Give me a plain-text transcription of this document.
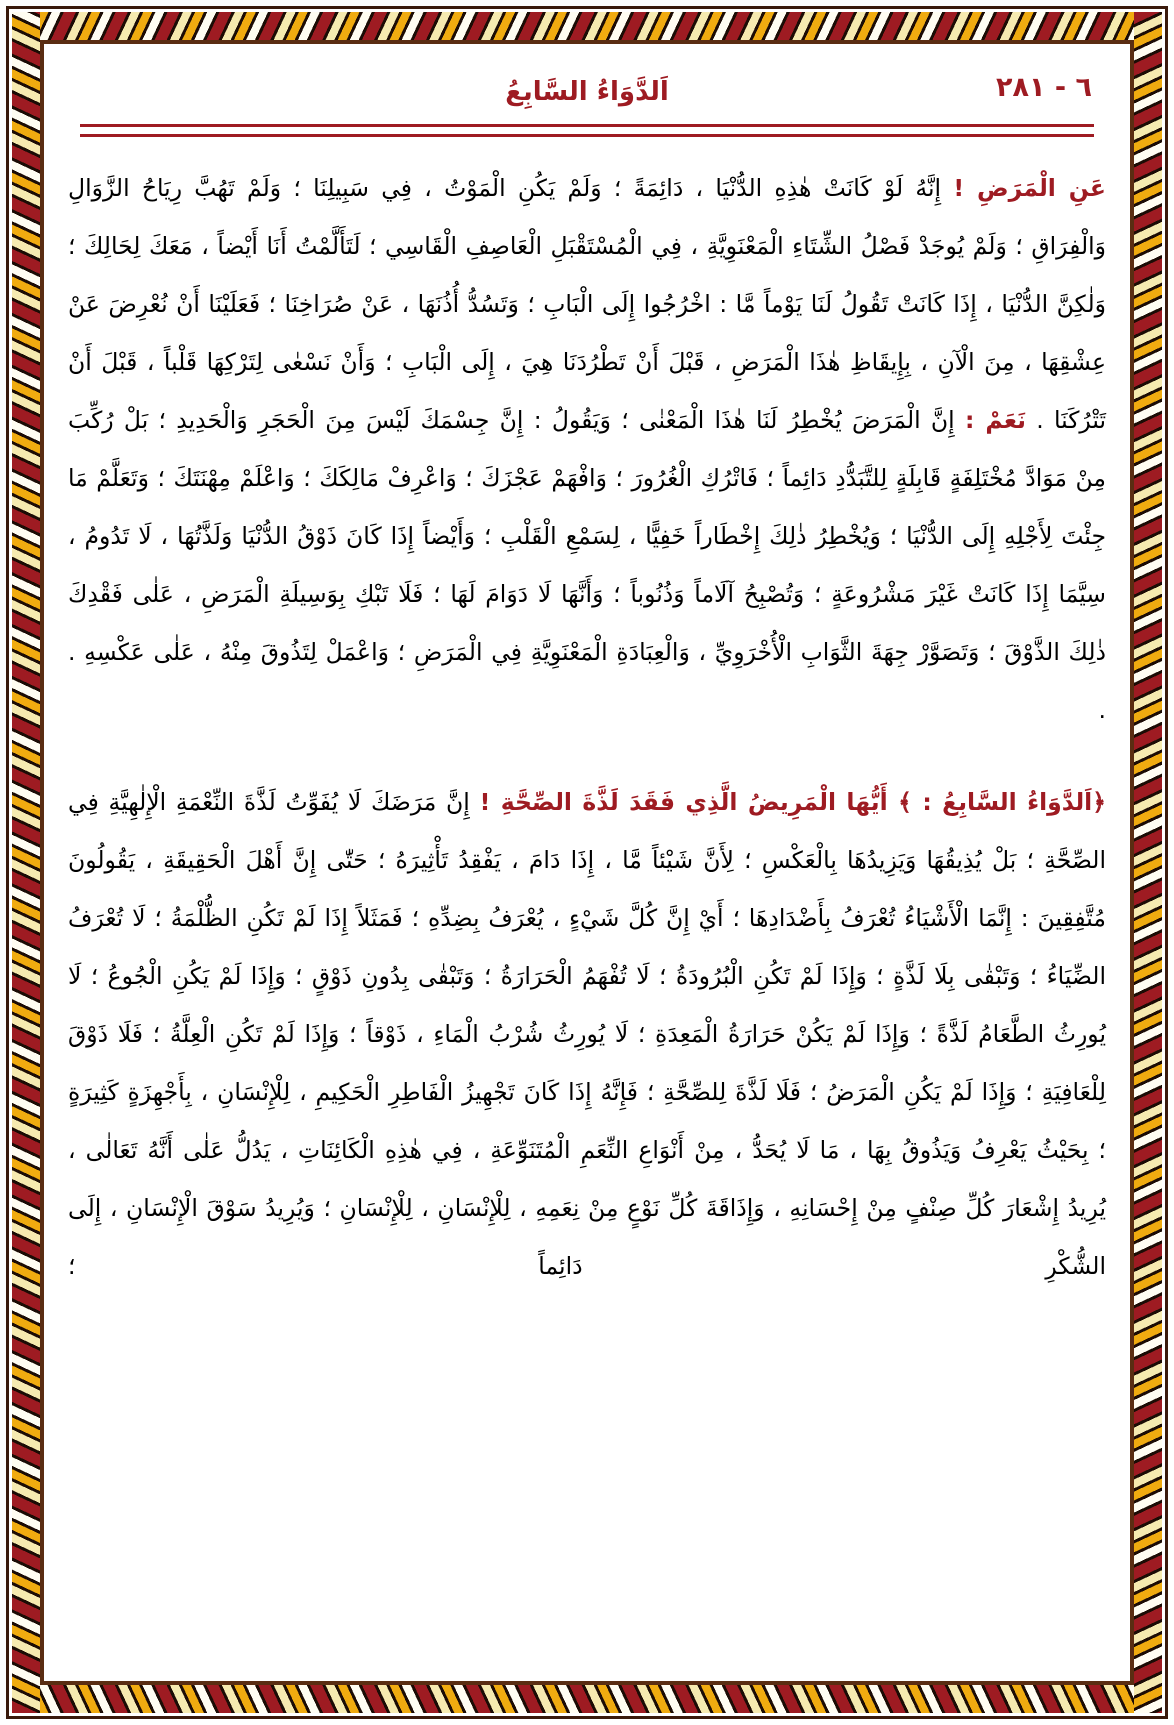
٦ - ٢٨١
اَلدَّوَاءُ السَّابِعُ
عَنِ الْمَرَضِ ! إِنَّهُ لَوْ كَانَتْ هٰذِهِ الدُّنْيَا ، دَائِمَةً ؛ وَلَمْ يَكُنِ الْمَوْتُ ، فِي سَبِيلِنَا ؛ وَلَمْ تَهُبَّ رِيَاحُ الزَّوَالِ وَالْفِرَاقِ ؛ وَلَمْ يُوجَدْ فَصْلُ الشِّتَاءِ الْمَعْنَوِيَّةِ ، فِي الْمُسْتَقْبَلِ الْعَاصِفِ الْقَاسِي ؛ لَتَأَلَّمْتُ أَنَا أَيْضاً ، مَعَكَ لِحَالِكَ ؛ وَلٰكِنَّ الدُّنْيَا ، إِذَا كَانَتْ تَقُولُ لَنَا يَوْماً مَّا : اخْرُجُوا إِلَى الْبَابِ ؛ وَتَسُدُّ أُذُنَهَا ، عَنْ صُرَاخِنَا ؛ فَعَلَيْنَا أَنْ نُعْرِضَ عَنْ عِشْقِهَا ، مِنَ الْآنِ ، بِإِيقَاظِ هٰذَا الْمَرَضِ ، قَبْلَ أَنْ تَطْرُدَنَا هِيَ ، إِلَى الْبَابِ ؛ وَأَنْ نَسْعٰى لِتَرْكِهَا قَلْباً ، قَبْلَ أَنْ تَتْرُكَنَا . نَعَمْ : إِنَّ الْمَرَضَ يُخْطِرُ لَنَا هٰذَا الْمَعْنٰى ؛ وَيَقُولُ : إِنَّ جِسْمَكَ لَيْسَ مِنَ الْحَجَرِ وَالْحَدِيدِ ؛ بَلْ رُكِّبَ مِنْ مَوَادَّ مُخْتَلِفَةٍ قَابِلَةٍ لِلتَّبَدُّدِ دَائِماً ؛ فَاتْرُكِ الْغُرُورَ ؛ وَافْهَمْ عَجْزَكَ ؛ وَاعْرِفْ مَالِكَكَ ؛ وَاعْلَمْ مِهْنَتَكَ ؛ وَتَعَلَّمْ مَا جِئْتَ لِأَجْلِهِ إِلَى الدُّنْيَا ؛ وَيُخْطِرُ ذٰلِكَ إِخْطَاراً خَفِيًّا ، لِسَمْعِ الْقَلْبِ ؛ وَأَيْضاً إِذَا كَانَ ذَوْقُ الدُّنْيَا وَلَذَّتُهَا ، لَا تَدُومُ ، سِيَّمَا إِذَا كَانَتْ غَيْرَ مَشْرُوعَةٍ ؛ وَتُصْبِحُ آلَاماً وَذُنُوباً ؛ وَأَنَّهَا لَا دَوَامَ لَهَا ؛ فَلَا تَبْكِ بِوَسِيلَةِ الْمَرَضِ ، عَلٰى فَقْدِكَ ذٰلِكَ الذَّوْقَ ؛ وَتَصَوَّرْ جِهَةَ الثَّوَابِ الْأُخْرَوِيِّ ، وَالْعِبَادَةِ الْمَعْنَوِيَّةِ فِي الْمَرَضِ ؛ وَاعْمَلْ لِتَذُوقَ مِنْهُ ، عَلٰى عَكْسِهِ . .
﴿اَلدَّوَاءُ السَّابِعُ : ﴾ أَيُّهَا الْمَرِيضُ الَّذِي فَقَدَ لَذَّةَ الصِّحَّةِ ! إِنَّ مَرَضَكَ لَا يُفَوِّتُ لَذَّةَ النِّعْمَةِ الْإِلٰهِيَّةِ فِي الصِّحَّةِ ؛ بَلْ يُذِيقُهَا وَيَزِيدُهَا بِالْعَكْسِ ؛ لِأَنَّ شَيْئاً مَّا ، إِذَا دَامَ ، يَفْقِدُ تَأْثِيرَهُ ؛ حَتّٰى إِنَّ أَهْلَ الْحَقِيقَةِ ، يَقُولُونَ مُتَّفِقِينَ : إِنَّمَا الْأَشْيَاءُ تُعْرَفُ بِأَضْدَادِهَا ؛ أَيْ إِنَّ كُلَّ شَيْءٍ ، يُعْرَفُ بِضِدِّهِ ؛ فَمَثَلاً إِذَا لَمْ تَكُنِ الظُّلْمَةُ ؛ لَا تُعْرَفُ الضِّيَاءُ ؛ وَتَبْقٰى بِلَا لَذَّةٍ ؛ وَإِذَا لَمْ تَكُنِ الْبُرُودَةُ ؛ لَا تُفْهَمُ الْحَرَارَةُ ؛ وَتَبْقٰى بِدُونِ ذَوْقٍ ؛ وَإِذَا لَمْ يَكُنِ الْجُوعُ ؛ لَا يُورِثُ الطَّعَامُ لَذَّةً ؛ وَإِذَا لَمْ يَكُنْ حَرَارَةُ الْمَعِدَةِ ؛ لَا يُورِثُ شُرْبُ الْمَاءِ ، ذَوْقاً ؛ وَإِذَا لَمْ تَكُنِ الْعِلَّةُ ؛ فَلَا ذَوْقَ لِلْعَافِيَةِ ؛ وَإِذَا لَمْ يَكُنِ الْمَرَضُ ؛ فَلَا لَذَّةَ لِلصِّحَّةِ ؛ فَإِنَّهُ إِذَا كَانَ تَجْهِيزُ الْفَاطِرِ الْحَكِيمِ ، لِلْإِنْسَانِ ، بِأَجْهِزَةٍ كَثِيرَةٍ ؛ بِحَيْثُ يَعْرِفُ وَيَذُوقُ بِهَا ، مَا لَا يُحَدُّ ، مِنْ أَنْوَاعِ النِّعَمِ الْمُتَنَوِّعَةِ ، فِي هٰذِهِ الْكَائِنَاتِ ، يَدُلُّ عَلٰى أَنَّهُ تَعَالٰى ، يُرِيدُ إِشْعَارَ كُلِّ صِنْفٍ مِنْ إِحْسَانِهِ ، وَإِذَاقَةَ كُلِّ نَوْعٍ مِنْ نِعَمِهِ ، لِلْإِنْسَانِ ، لِلْإِنْسَانِ ؛ وَيُرِيدُ سَوْقَ الْإِنْسَانِ ، إِلَى الشُّكْرِ دَائِماً ؛
